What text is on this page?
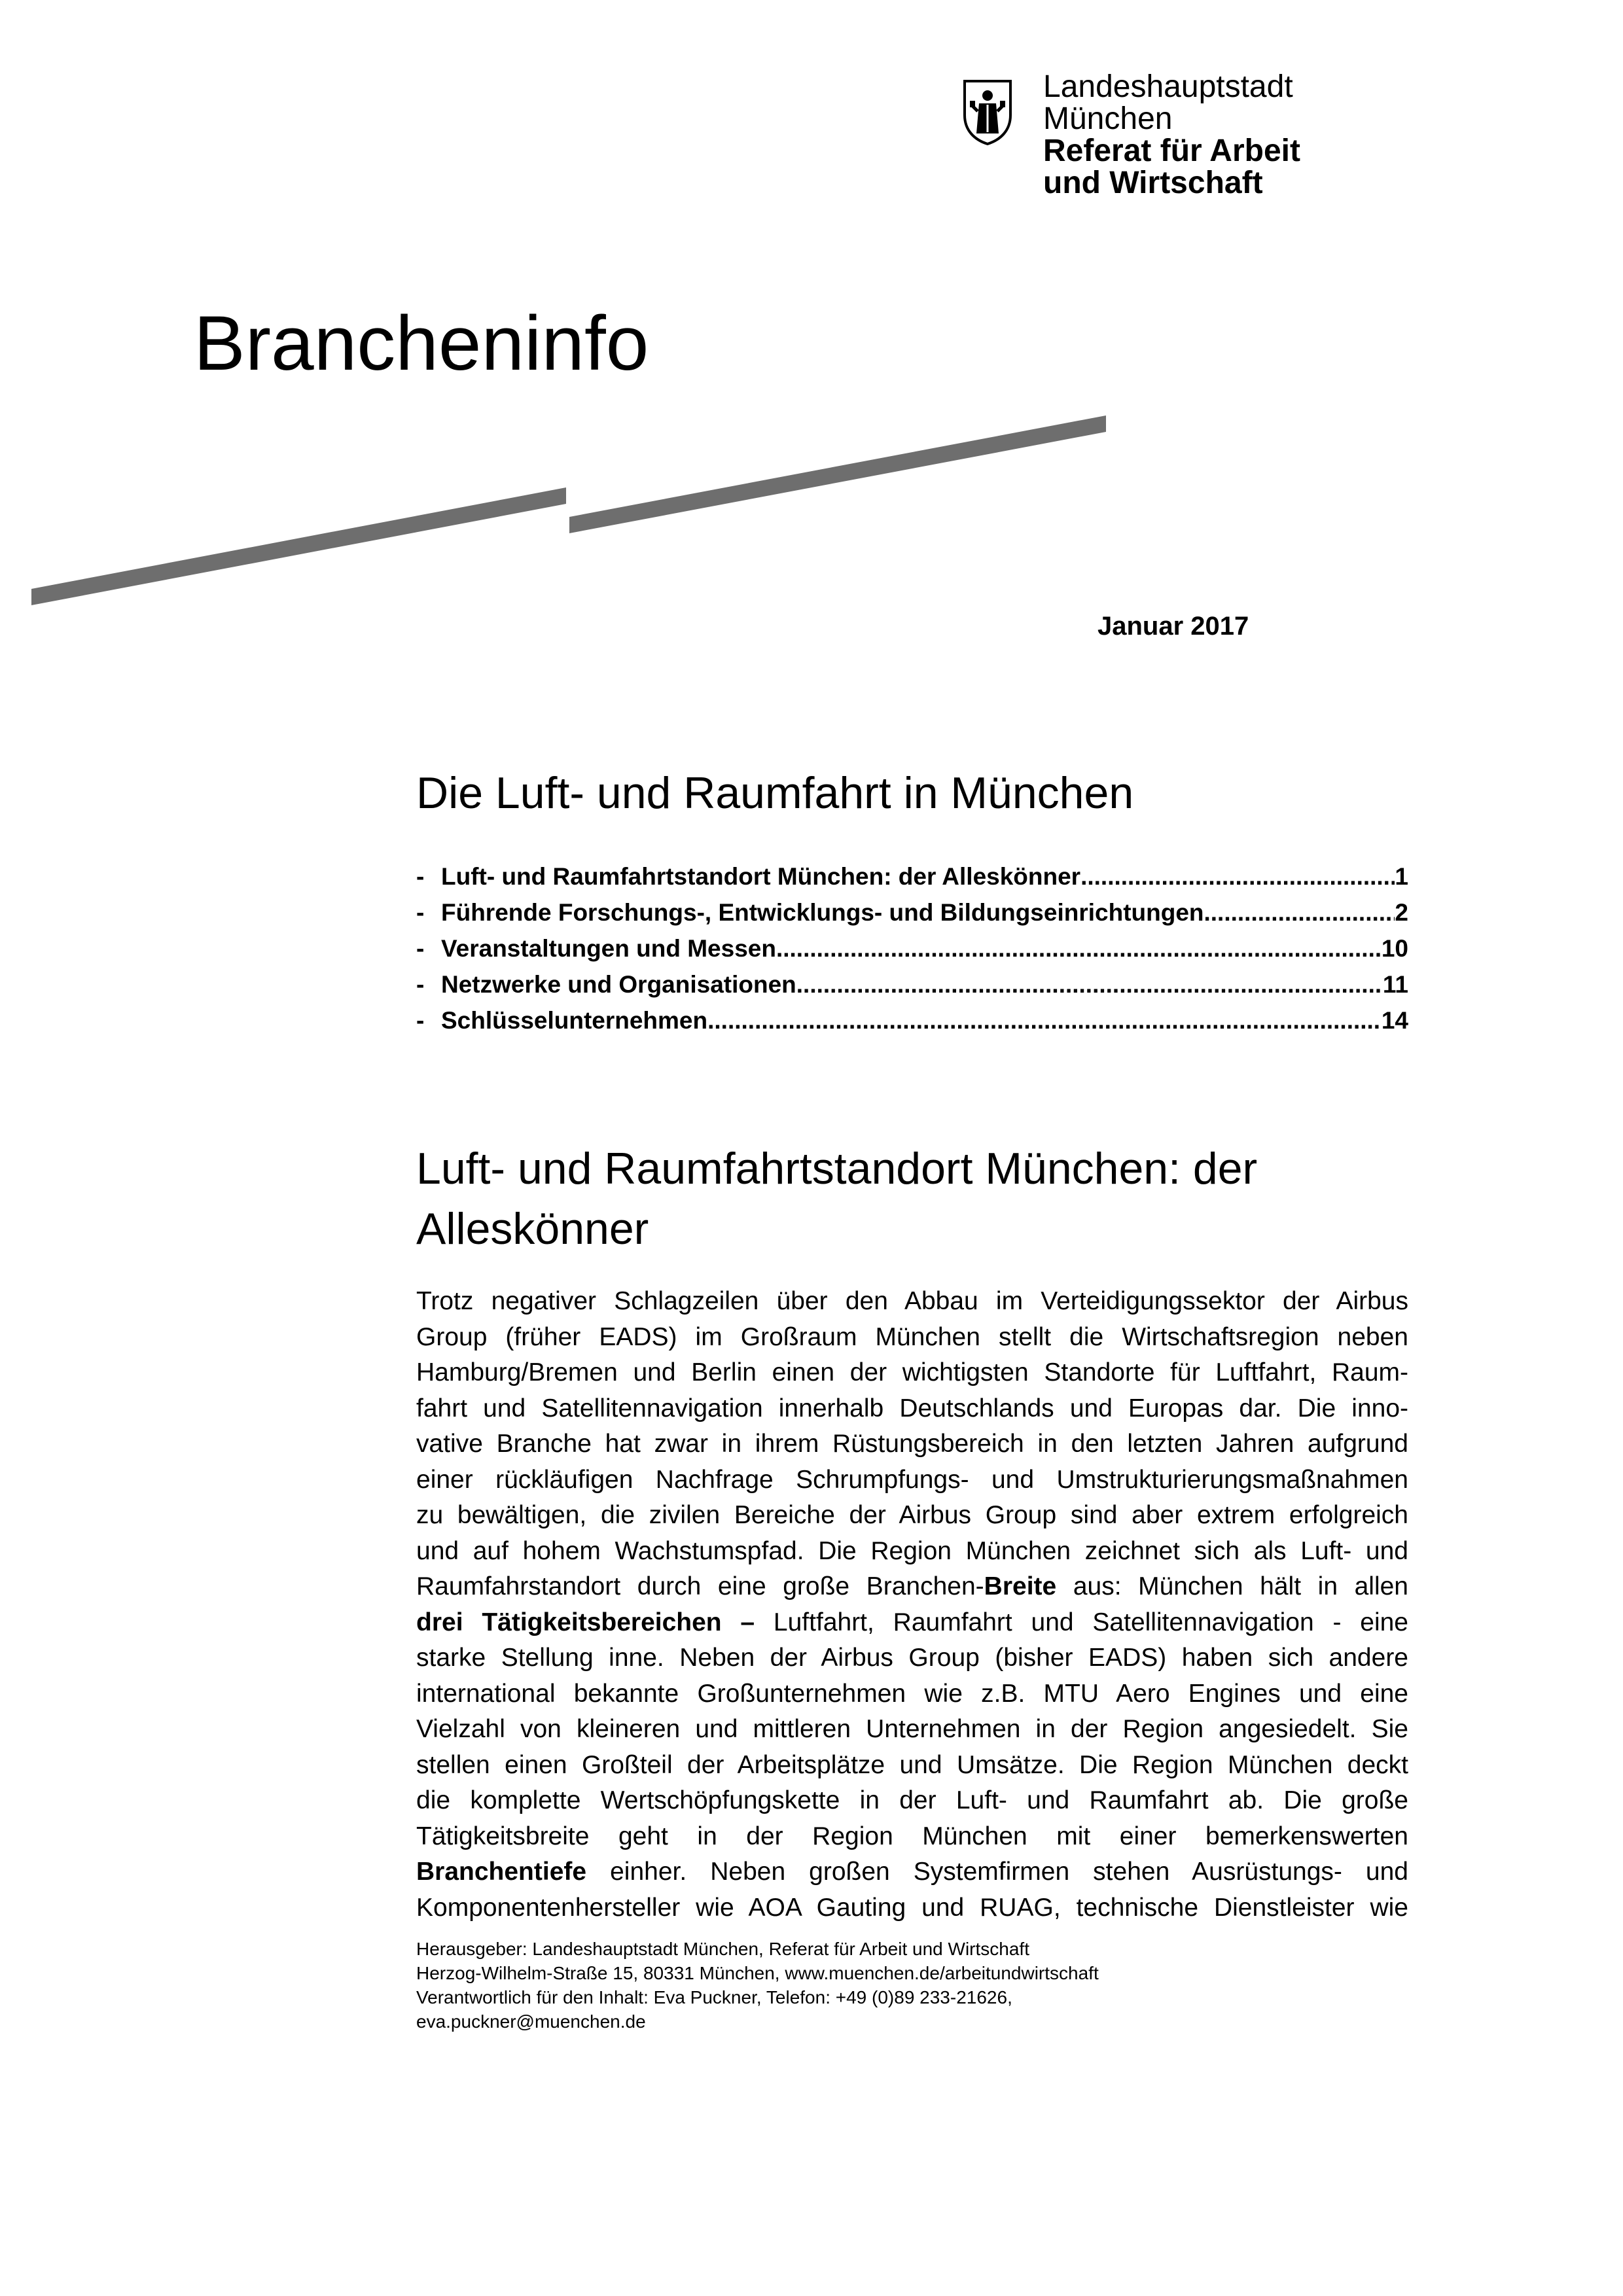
Landeshauptstadt
München
Referat für Arbeit
und Wirtschaft
Brancheninfo
Januar 2017
Die Luft- und Raumfahrt in München
- Luft- und Raumfahrtstandort München: der Alleskönner .....	1
- Führende Forschungs-, Entwicklungs- und Bildungseinrichtungen .....	2
- Veranstaltungen und Messen .....	10
- Netzwerke und Organisationen .....	11
- Schlüsselunternehmen .....	14
Luft- und Raumfahrtstandort München: der
Alleskönner
Trotz negativer Schlagzeilen über den Abbau im Verteidigungssektor der Airbus
Group (früher EADS) im Großraum München stellt die Wirtschaftsregion neben
Hamburg/Bremen und Berlin einen der wichtigsten Standorte für Luftfahrt, Raum-
fahrt und Satellitennavigation innerhalb Deutschlands und Europas dar. Die inno-
vative Branche hat zwar in ihrem Rüstungsbereich in den letzten Jahren aufgrund
einer rückläufigen Nachfrage Schrumpfungs- und Umstrukturierungsmaßnahmen
zu bewältigen, die zivilen Bereiche der Airbus Group sind aber extrem erfolgreich
und auf hohem Wachstumspfad. Die Region München zeichnet sich als Luft- und
Raumfahrstandort durch eine große Branchen-Breite aus: München hält in allen
drei Tätigkeitsbereichen – Luftfahrt, Raumfahrt und Satellitennavigation - eine
starke Stellung inne. Neben der Airbus Group (bisher EADS) haben sich andere
international bekannte Großunternehmen wie z.B. MTU Aero Engines und eine
Vielzahl von kleineren und mittleren Unternehmen in der Region angesiedelt. Sie
stellen einen Großteil der Arbeitsplätze und Umsätze. Die Region München deckt
die komplette Wertschöpfungskette in der Luft- und Raumfahrt ab. Die große
Tätigkeitsbreite geht in der Region München mit einer bemerkenswerten
Branchentiefe einher. Neben großen Systemfirmen stehen Ausrüstungs- und
Komponentenhersteller wie AOA Gauting und RUAG, technische Dienstleister wie
Herausgeber: Landeshauptstadt München, Referat für Arbeit und Wirtschaft
Herzog-Wilhelm-Straße 15, 80331 München, www.muenchen.de/arbeitundwirtschaft
Verantwortlich für den Inhalt: Eva Puckner, Telefon: +49 (0)89 233-21626,
eva.puckner@muenchen.de
